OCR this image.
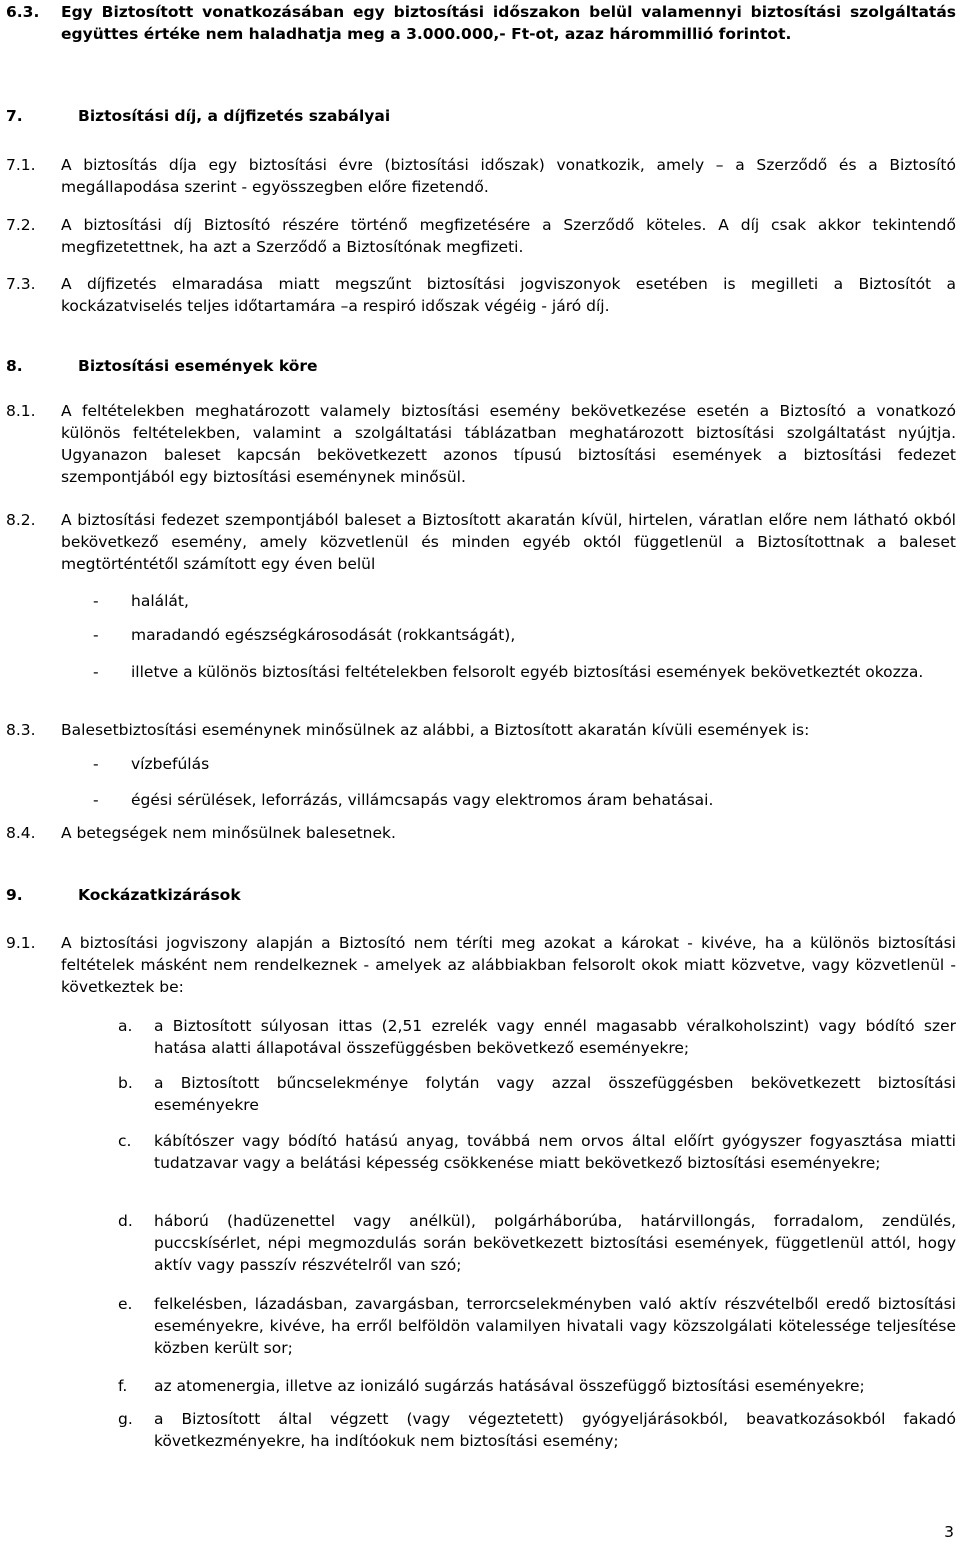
6.3. Egy Biztosított vonatkozásában egy biztosítási időszakon belül valamennyi biztosítási szolgáltatás együttes értéke nem haladhatja meg a 3.000.000,- Ft-ot, azaz hárommillió forintot.
7.	Biztosítási díj, a díjfizetés szabályai
7.1. A biztosítás díja egy biztosítási évre (biztosítási időszak) vonatkozik, amely – a Szerződő és a Biztosító megállapodása szerint - egyösszegben előre fizetendő.
7.2. A biztosítási díj Biztosító részére történő megfizetésére a Szerződő köteles. A díj csak akkor tekintendő megfizetettnek, ha azt a Szerződő a Biztosítónak megfizeti.
7.3. A díjfizetés elmaradása miatt megszűnt biztosítási jogviszonyok esetében is megilleti a Biztosítót a kockázatviselés teljes időtartamára –a respiró időszak végéig - járó díj.
8.	Biztosítási események köre
8.1. A feltételekben meghatározott valamely biztosítási esemény bekövetkezése esetén a Biztosító a vonatkozó különös feltételekben, valamint a szolgáltatási táblázatban meghatározott biztosítási szolgáltatást nyújtja. Ugyanazon baleset kapcsán bekövetkezett azonos típusú biztosítási események a biztosítási fedezet szempontjából egy biztosítási eseménynek minősül.
8.2. A biztosítási fedezet szempontjából baleset a Biztosított akaratán kívül, hirtelen, váratlan előre nem látható okból bekövetkező esemény, amely közvetlenül és minden egyéb októl függetlenül a Biztosítottnak a baleset megtörténtétől számított egy éven belül
- halálát,
- maradandó egészségkárosodását (rokkantságát),
- illetve a különös biztosítási feltételekben felsorolt egyéb biztosítási események bekövetkeztét okozza.
8.3. Balesetbiztosítási eseménynek minősülnek az alábbi, a Biztosított akaratán kívüli események is:
- vízbefúlás
- égési sérülések, leforrázás, villámcsapás vagy elektromos áram behatásai.
8.4. A betegségek nem minősülnek balesetnek.
9.	Kockázatkizárások
9.1. A biztosítási jogviszony alapján a Biztosító nem téríti meg azokat a károkat - kivéve, ha a különös biztosítási feltételek másként nem rendelkeznek - amelyek az alábbiakban felsorolt okok miatt közvetve, vagy közvetlenül - következtek be:
a. a Biztosított súlyosan ittas (2,51 ezrelék vagy ennél magasabb véralkoholszint) vagy bódító szer hatása alatti állapotával összefüggésben bekövetkező eseményekre;
b. a Biztosított bűncselekménye folytán vagy azzal összefüggésben bekövetkezett biztosítási eseményekre
c. kábítószer vagy bódító hatású anyag, továbbá nem orvos által előírt gyógyszer fogyasztása miatti tudatzavar vagy a belátási képesség csökkenése miatt bekövetkező biztosítási eseményekre;
d. háború (hadüzenettel vagy anélkül), polgárháborúba, határvillongás, forradalom, zendülés, puccskísérlet, népi megmozdulás során bekövetkezett biztosítási események, függetlenül attól, hogy aktív vagy passzív részvételről van szó;
e. felkelésben, lázadásban, zavargásban, terrorcselekményben való aktív részvételből eredő biztosítási eseményekre, kivéve, ha erről belföldön valamilyen hivatali vagy közszolgálati kötelessége teljesítése közben került sor;
f. az atomenergia, illetve az ionizáló sugárzás hatásával összefüggő biztosítási eseményekre;
g. a Biztosított által végzett (vagy végeztetett) gyógyeljárásokból, beavatkozásokból fakadó következményekre, ha indítóokuk nem biztosítási esemény;
3
